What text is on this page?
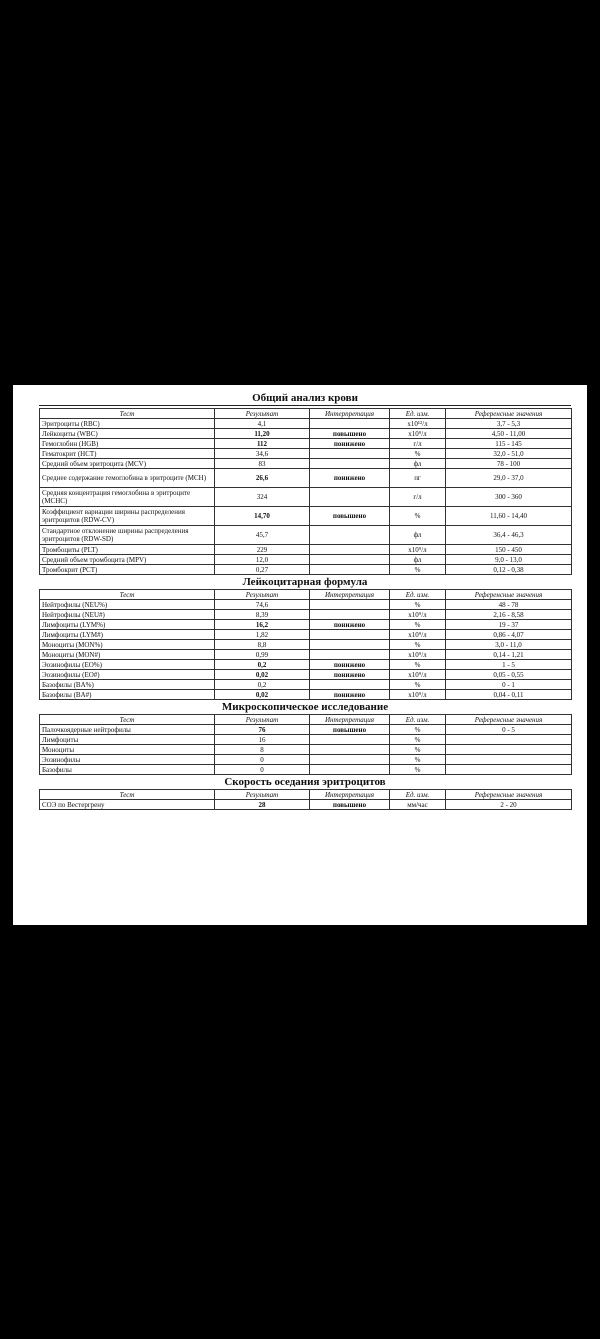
Общий анализ крови
Тест	Результат	Интерпретация	Ед. изм.	Референсные значения
Эритроциты (RBC)	4,1		х10¹²/л	3,7 - 5,3
Лейкоциты (WBC)	11,20	повышено	х10⁹/л	4,50 - 11,00
Гемоглобин (HGB)	112	понижено	г/л	115 - 145
Гематокрит (HCT)	34,6		%	32,0 - 51,0
Средний объем эритроцита (MCV)	83		фл	78 - 100
Среднее содержание гемоглобина в эритроците (MCH)	26,6	понижено	пг	29,0 - 37,0
Средняя концентрация гемоглобина в эритроците (MCHC)	324		г/л	300 - 360
Коэффициент вариации ширины распределения эритроцитов (RDW-CV)	14,70	повышено	%	11,60 - 14,40
Стандартное отклонение ширины распределения эритроцитов (RDW-SD)	45,7		фл	36,4 - 46,3
Тромбоциты (PLT)	229		х10⁹/л	150 - 450
Средний объем тромбоцита (MPV)	12,0		фл	9,0 - 13,0
Тромбокрит (PCT)	0,27		%	0,12 - 0,38
Лейкоцитарная формула
Тест	Результат	Интерпретация	Ед. изм.	Референсные значения
Нейтрофилы (NEU%)	74,6		%	48 - 78
Нейтрофилы (NEU#)	8,39		х10⁹/л	2,16 - 8,58
Лимфоциты (LYM%)	16,2	понижено	%	19 - 37
Лимфоциты (LYM#)	1,82		х10⁹/л	0,86 - 4,07
Моноциты (MON%)	8,8		%	3,0 - 11,0
Моноциты (MON#)	0,99		х10⁹/л	0,14 - 1,21
Эозинофилы (EO%)	0,2	понижено	%	1 - 5
Эозинофилы (EO#)	0,02	понижено	х10⁹/л	0,05 - 0,55
Базофилы (BA%)	0,2		%	0 - 1
Базофилы (BA#)	0,02	понижено	х10⁹/л	0,04 - 0,11
Микроскопическое исследование
Тест	Результат	Интерпретация	Ед. изм.	Референсные значения
Палочкоядерные нейтрофилы	76	повышено	%	0 - 5
Лимфоциты	16		%	
Моноциты	8		%	
Эозинофилы	0		%	
Базофилы	0		%	
Скорость оседания эритроцитов
Тест	Результат	Интерпретация	Ед. изм.	Референсные значения
СОЭ по Вестергрену	28	повышено	мм/час	2 - 20
